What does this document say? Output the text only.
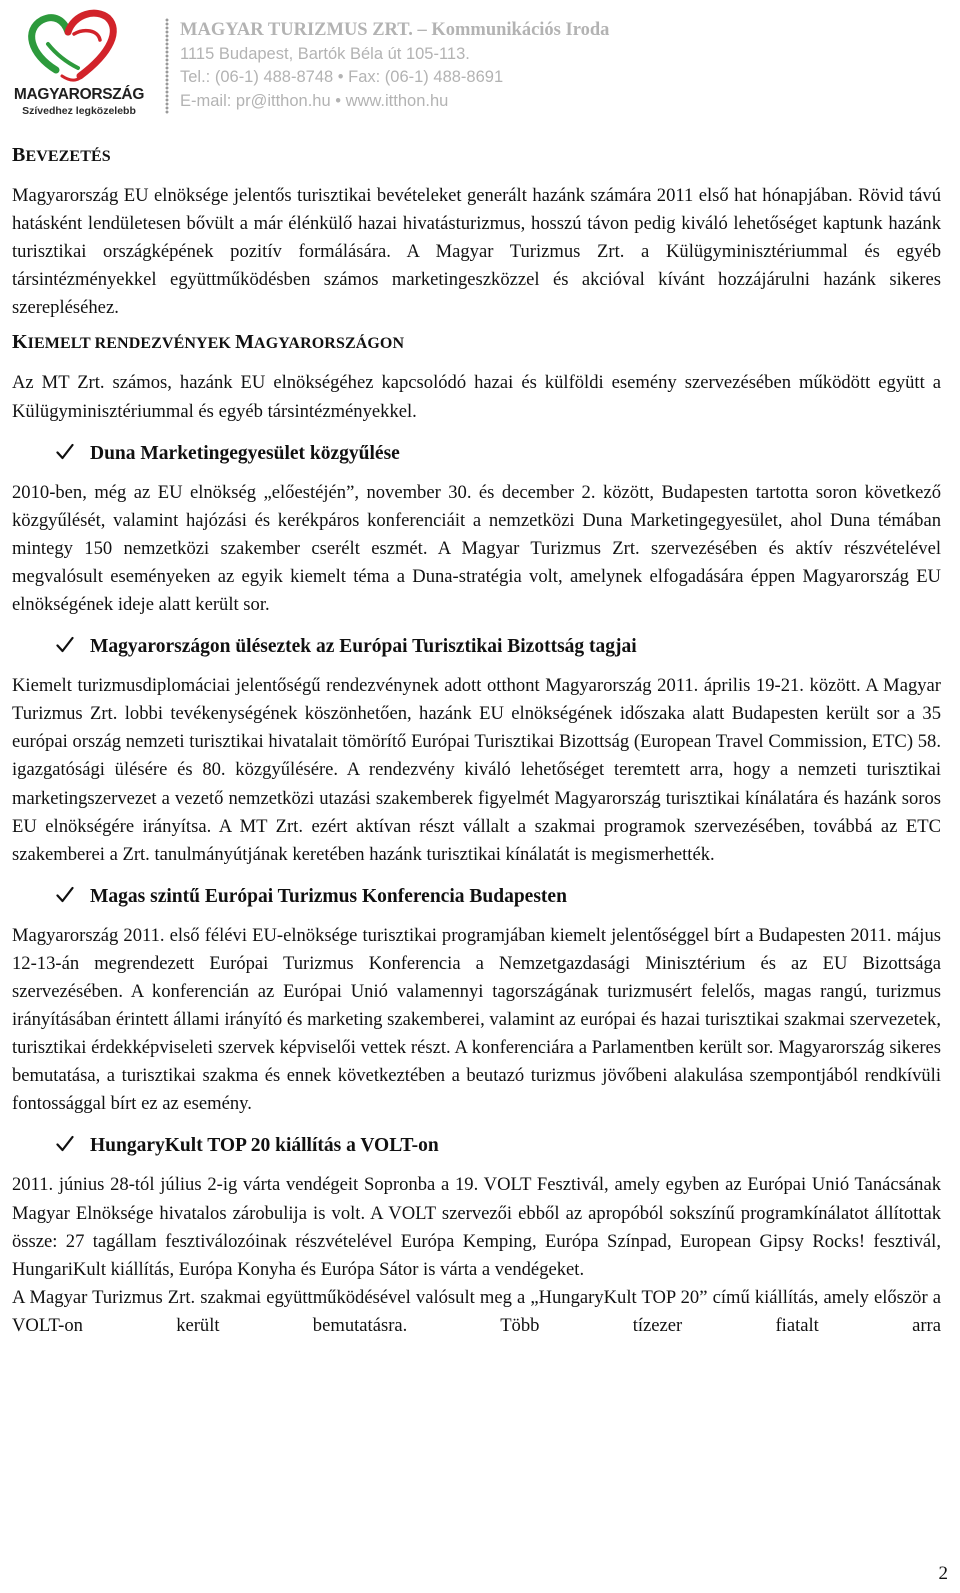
MAGYARORSZÁG
Szívedhez legközelebb
MAGYAR TURIZMUS ZRT. – Kommunikációs Iroda
1115 Budapest, Bartók Béla út 105-113.
Tel.: (06-1) 488-8748 • Fax: (06-1) 488-8691
E-mail: pr@itthon.hu • www.itthon.hu
BEVEZETÉS

Magyarország EU elnöksége jelentős turisztikai bevételeket generált hazánk számára 2011 első hat hónapjában. Rövid távú hatásként lendületesen bővült a már élénkülő hazai hivatásturizmus, hosszú távon pedig kiváló lehetőséget kaptunk hazánk turisztikai országképének pozitív formálására. A Magyar Turizmus Zrt. a Külügyminisztériummal és egyéb társintézményekkel együttműködésben számos marketingeszközzel és akcióval kívánt hozzájárulni hazánk sikeres szerepléséhez.

KIEMELT RENDEZVÉNYEK MAGYARORSZÁGON

Az MT Zrt. számos, hazánk EU elnökségéhez kapcsolódó hazai és külföldi esemény szervezésében működött együtt a Külügyminisztériummal és egyéb társintézményekkel.

Duna Marketingegyesület közgyűlése

2010-ben, még az EU elnökség „előestéjén”, november 30. és december 2. között, Budapesten tartotta soron következő közgyűlését, valamint hajózási és kerékpáros konferenciáit a nemzetközi Duna Marketingegyesület, ahol Duna témában mintegy 150 nemzetközi szakember cserélt eszmét. A Magyar Turizmus Zrt. szervezésében és aktív részvételével megvalósult eseményeken az egyik kiemelt téma a Duna-stratégia volt, amelynek elfogadására éppen Magyarország EU elnökségének ideje alatt került sor.

Magyarországon üléseztek az Európai Turisztikai Bizottság tagjai

Kiemelt turizmusdiplomáciai jelentőségű rendezvénynek adott otthont Magyarország 2011. április 19-21. között. A Magyar Turizmus Zrt. lobbi tevékenységének köszönhetően, hazánk EU elnökségének időszaka alatt Budapesten került sor a 35 európai ország nemzeti turisztikai hivatalait tömörítő Európai Turisztikai Bizottság (European Travel Commission, ETC) 58. igazgatósági ülésére és 80. közgyűlésére. A rendezvény kiváló lehetőséget teremtett arra, hogy a nemzeti turisztikai marketingszervezet a vezető nemzetközi utazási szakemberek figyelmét Magyarország turisztikai kínálatára és hazánk soros EU elnökségére irányítsa. A MT Zrt. ezért aktívan részt vállalt a szakmai programok szervezésében, továbbá az ETC szakemberei a Zrt. tanulmányútjának keretében hazánk turisztikai kínálatát is megismerhették.

Magas szintű Európai Turizmus Konferencia Budapesten

Magyarország 2011. első félévi EU-elnöksége turisztikai programjában kiemelt jelentőséggel bírt a Budapesten 2011. május 12-13-án megrendezett Európai Turizmus Konferencia a Nemzetgazdasági Minisztérium és az EU Bizottsága szervezésében. A konferencián az Európai Unió valamennyi tagországának turizmusért felelős, magas rangú, turizmus irányításában érintett állami irányító és marketing szakemberei, valamint az európai és hazai turisztikai szakmai szervezetek, turisztikai érdekképviseleti szervek képviselői vettek részt. A konferenciára a Parlamentben került sor. Magyarország sikeres bemutatása, a turisztikai szakma és ennek következtében a beutazó turizmus jövőbeni alakulása szempontjából rendkívüli fontossággal bírt ez az esemény.

HungaryKult TOP 20 kiállítás a VOLT-on

2011. június 28-tól július 2-ig várta vendégeit Sopronba a 19. VOLT Fesztivál, amely egyben az Európai Unió Tanácsának Magyar Elnöksége hivatalos zárobulija is volt. A VOLT szervezői ebből az apropóból sokszínű programkínálatot állítottak össze: 27 tagállam fesztiválozóinak részvételével Európa Kemping, Európa Színpad, European Gipsy Rocks! fesztivál, HungariKult kiállítás, Európa Konyha és Európa Sátor is várta a vendégeket.

A Magyar Turizmus Zrt. szakmai együttműködésével valósult meg a „HungaryKult TOP 20” című kiállítás, amely először a VOLT-on került bemutatásra. Több tízezer fiatalt arra

2
